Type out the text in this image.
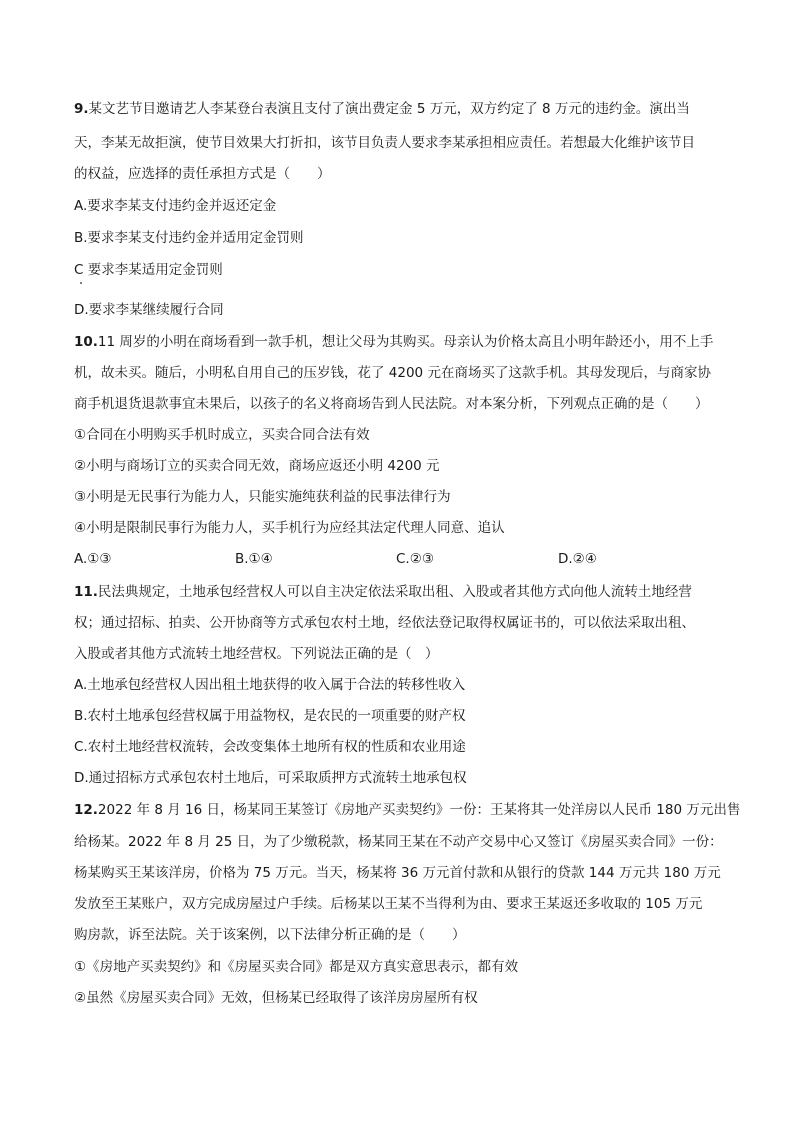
9.某文艺节目邀请艺人李某登台表演且支付了演出费定金 5 万元，双方约定了 8 万元的违约金。演出当
天，李某无故拒演，使节目效果大打折扣，该节目负责人要求李某承担相应责任。若想最大化维护该节目
的权益，应选择的责任承担方式是（　　）
A.要求李某支付违约金并返还定金
B.要求李某支付违约金并适用定金罚则
C 要求李某适用定金罚则
D.要求李某继续履行合同
10.11 周岁的小明在商场看到一款手机，想让父母为其购买。母亲认为价格太高且小明年龄还小，用不上手
机，故未买。随后，小明私自用自己的压岁钱，花了 4200 元在商场买了这款手机。其母发现后，与商家协
商手机退货退款事宜未果后，以孩子的名义将商场告到人民法院。对本案分析，下列观点正确的是（　　）
①合同在小明购买手机时成立，买卖合同合法有效
②小明与商场订立的买卖合同无效，商场应返还小明 4200 元
③小明是无民事行为能力人，只能实施纯获利益的民事法律行为
④小明是限制民事行为能力人，买手机行为应经其法定代理人同意、追认
A.①③	B.①④	C.②③	D.②④
11.民法典规定，土地承包经营权人可以自主决定依法采取出租、入股或者其他方式向他人流转土地经营
权；通过招标、拍卖、公开协商等方式承包农村土地，经依法登记取得权属证书的，可以依法采取出租、
入股或者其他方式流转土地经营权。下列说法正确的是（　）
A.土地承包经营权人因出租土地获得的收入属于合法的转移性收入
B.农村土地承包经营权属于用益物权，是农民的一项重要的财产权
C.农村土地经营权流转，会改变集体土地所有权的性质和农业用途
D.通过招标方式承包农村土地后，可采取质押方式流转土地承包权
12.2022 年 8 月 16 日，杨某同王某签订《房地产买卖契约》一份：王某将其一处洋房以人民币 180 万元出售
给杨某。2022 年 8 月 25 日，为了少缴税款，杨某同王某在不动产交易中心又签订《房屋买卖合同》一份：
杨某购买王某该洋房，价格为 75 万元。当天，杨某将 36 万元首付款和从银行的贷款 144 万元共 180 万元
发放至王某账户，双方完成房屋过户手续。后杨某以王某不当得利为由、要求王某返还多收取的 105 万元
购房款，诉至法院。关于该案例，以下法律分析正确的是（　　）
①《房地产买卖契约》和《房屋买卖合同》都是双方真实意思表示，都有效
②虽然《房屋买卖合同》无效，但杨某已经取得了该洋房房屋所有权
